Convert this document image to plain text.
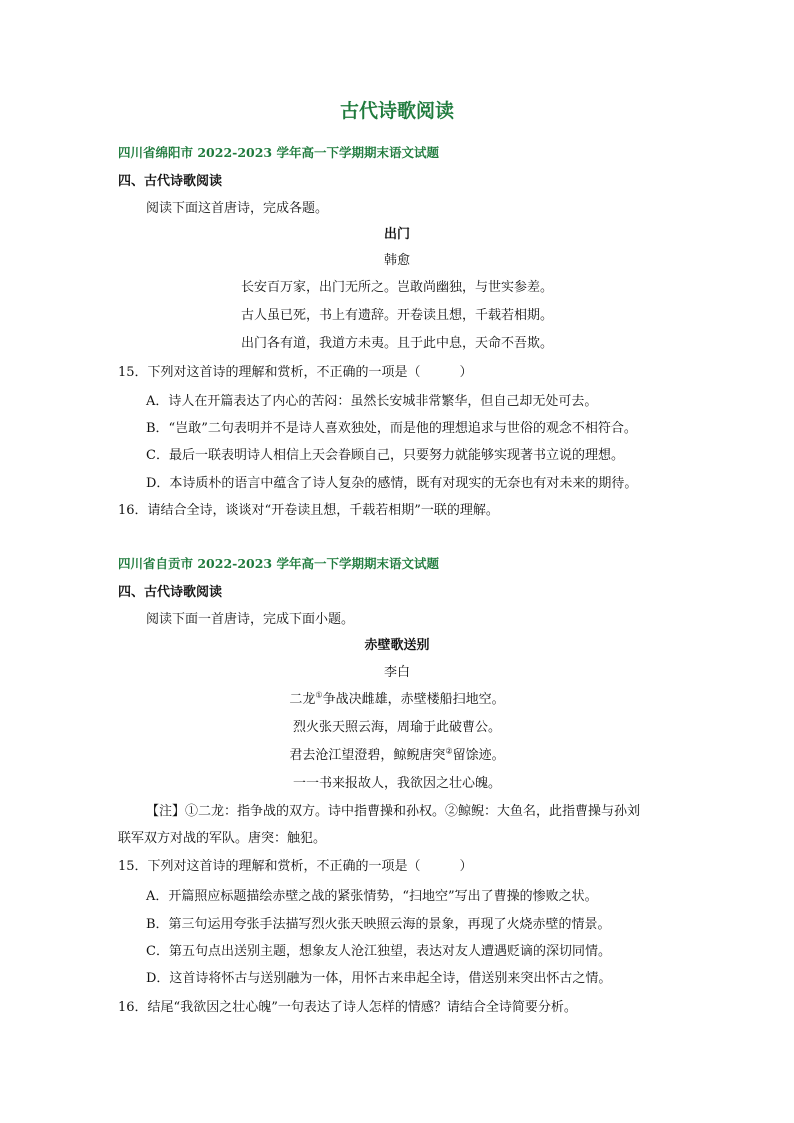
古代诗歌阅读
四川省绵阳市 2022-2023 学年高一下学期期末语文试题
四、古代诗歌阅读
阅读下面这首唐诗，完成各题。
出门
韩愈
长安百万家，出门无所之。岂敢尚幽独，与世实参差。
古人虽已死，书上有遗辞。开卷读且想，千载若相期。
出门各有道，我道方未夷。且于此中息，天命不吾欺。
15．下列对这首诗的理解和赏析，不正确的一项是（　　　）
A．诗人在开篇表达了内心的苦闷：虽然长安城非常繁华，但自己却无处可去。
B．“岂敢”二句表明并不是诗人喜欢独处，而是他的理想追求与世俗的观念不相符合。
C．最后一联表明诗人相信上天会眷顾自己，只要努力就能够实现著书立说的理想。
D．本诗质朴的语言中蕴含了诗人复杂的感情，既有对现实的无奈也有对未来的期待。
16．请结合全诗，谈谈对“开卷读且想，千载若相期”一联的理解。
四川省自贡市 2022-2023 学年高一下学期期末语文试题
四、古代诗歌阅读
阅读下面一首唐诗，完成下面小题。
赤壁歌送别
李白
二龙①争战决雌雄，赤壁楼船扫地空。
烈火张天照云海，周瑜于此破曹公。
君去沧江望澄碧，鲸鲵唐突②留馀迹。
一一书来报故人，我欲因之壮心魄。
【注】①二龙：指争战的双方。诗中指曹操和孙权。②鲸鲵：大鱼名，此指曹操与孙刘
联军双方对战的军队。唐突：触犯。
15．下列对这首诗的理解和赏析，不正确的一项是（　　　）
A．开篇照应标题描绘赤壁之战的紧张情势，“扫地空”写出了曹操的惨败之状。
B．第三句运用夸张手法描写烈火张天映照云海的景象，再现了火烧赤壁的情景。
C．第五句点出送别主题，想象友人沧江独望，表达对友人遭遇贬谪的深切同情。
D．这首诗将怀古与送别融为一体，用怀古来串起全诗，借送别来突出怀古之情。
16．结尾“我欲因之壮心魄”一句表达了诗人怎样的情感？请结合全诗简要分析。
